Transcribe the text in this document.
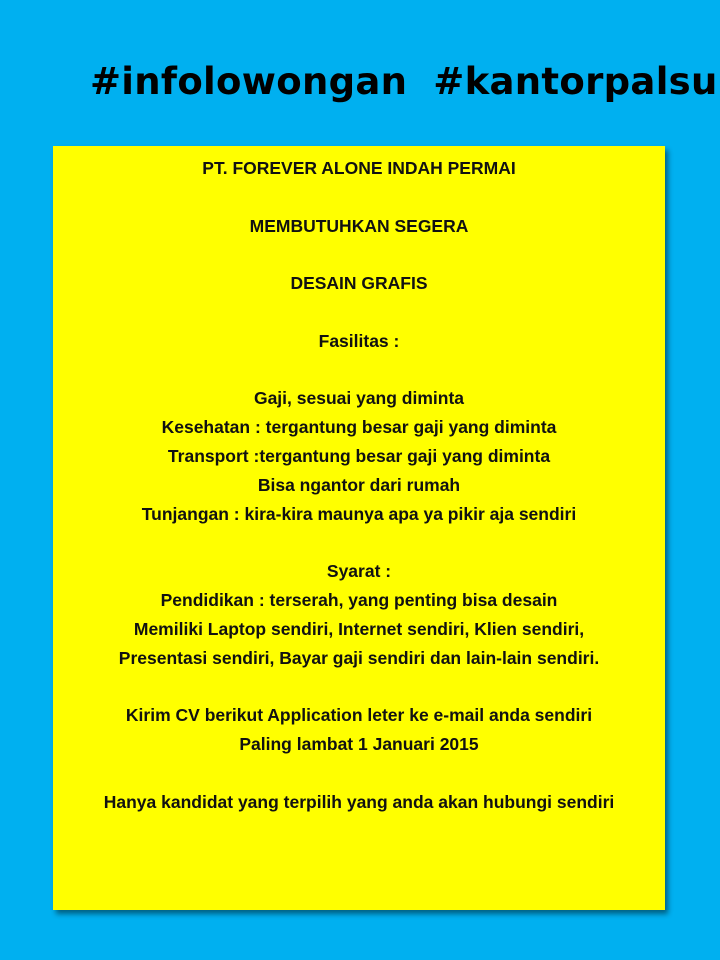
#infolowongan #kantorpalsu
PT. FOREVER ALONE INDAH PERMAI
MEMBUTUHKAN SEGERA
DESAIN GRAFIS
Fasilitas :
Gaji, sesuai yang diminta
Kesehatan : tergantung besar gaji yang diminta
Transport :tergantung besar gaji yang diminta
Bisa ngantor dari rumah
Tunjangan : kira-kira maunya apa ya pikir aja sendiri
Syarat :
Pendidikan : terserah, yang penting bisa desain
Memiliki Laptop sendiri, Internet sendiri, Klien sendiri,
Presentasi sendiri, Bayar gaji sendiri dan lain-lain sendiri.
Kirim CV berikut Application leter ke e-mail anda sendiri
Paling lambat 1 Januari 2015
Hanya kandidat yang terpilih yang anda akan hubungi sendiri
